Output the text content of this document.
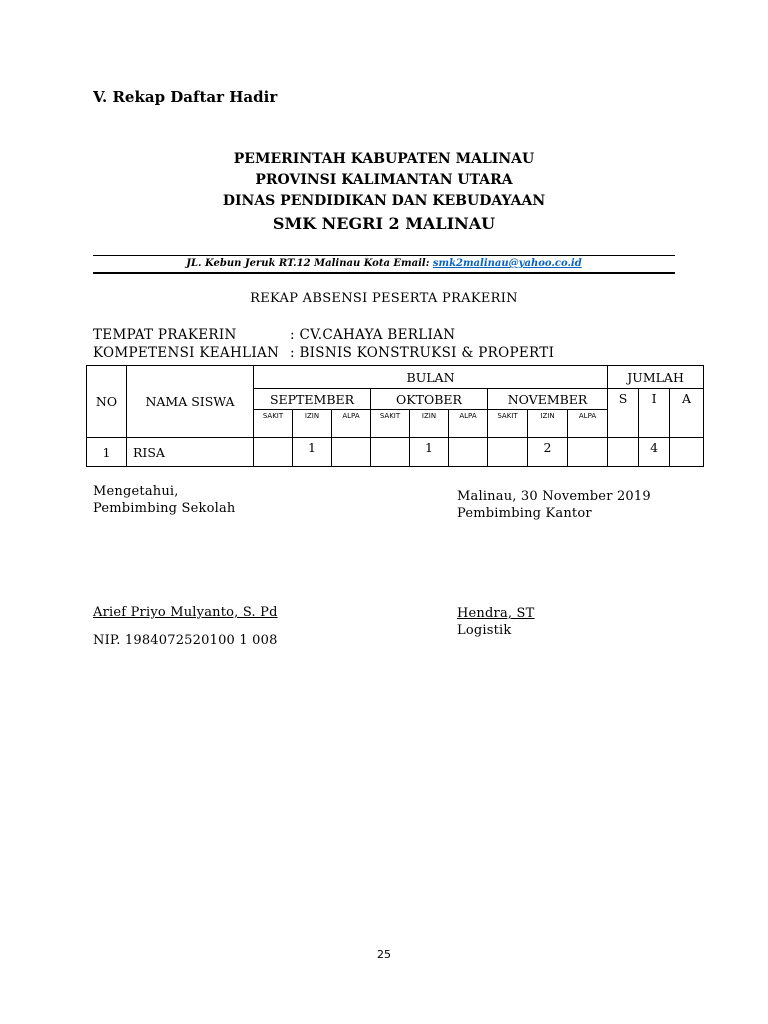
V. Rekap Daftar Hadir
PEMERINTAH KABUPATEN MALINAU
PROVINSI KALIMANTAN UTARA
DINAS PENDIDIKAN DAN KEBUDAYAAN
SMK NEGRI 2 MALINAU
JL. Kebun Jeruk RT.12 Malinau Kota Email: smk2malinau@yahoo.co.id
REKAP ABSENSI PESERTA PRAKERIN
TEMPAT PRAKERIN	: CV.CAHAYA BERLIAN
KOMPETENSI KEAHLIAN : BISNIS KONSTRUKSI & PROPERTI
NO	NAMA SISWA	BULAN									JUMLAH		
		SEPTEMBER			OKTOBER			NOVEMBER			S	I	A
		SAKIT	IZIN	ALPA	SAKIT	IZIN	ALPA	SAKIT	IZIN	ALPA			
1	RISA		1			1			2			4	
Mengetahui,
Pembimbing Sekolah
Arief Priyo Mulyanto, S. Pd
NIP. 1984072520100 1 008
Malinau, 30 November 2019
Pembimbing Kantor
Hendra, ST
Logistik
25
